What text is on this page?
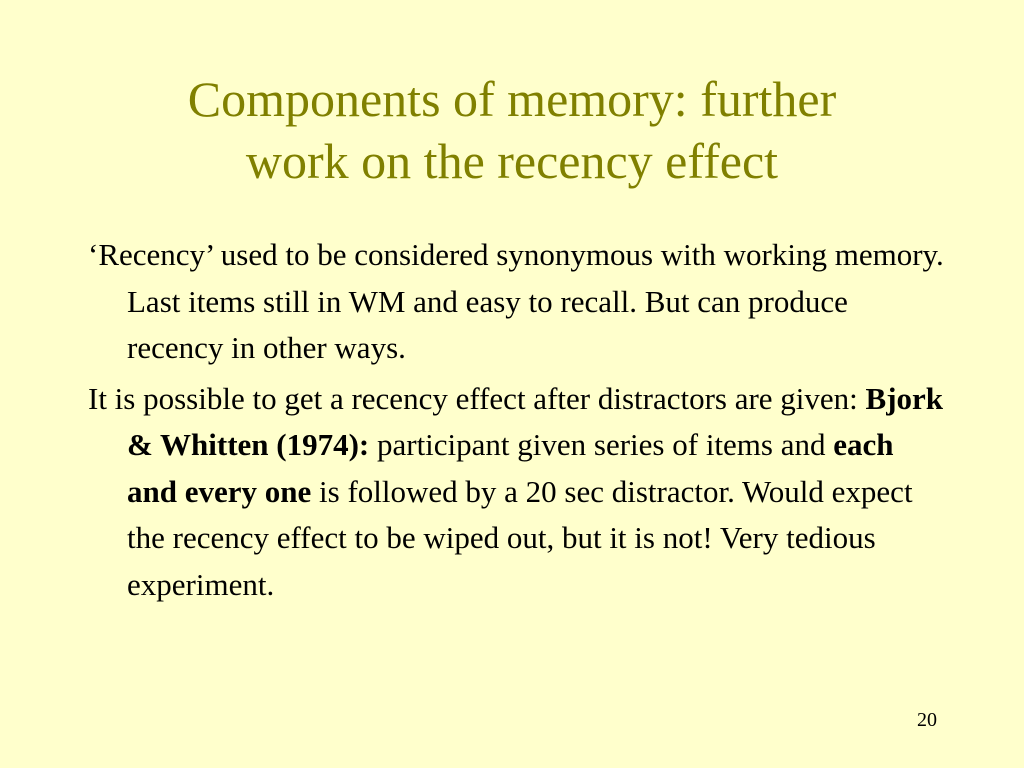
Components of memory: further
work on the recency effect

‘Recency’ used to be considered synonymous with working memory. Last items still in WM and easy to recall. But can produce recency in other ways.

It is possible to get a recency effect after distractors are given: Bjork & Whitten (1974): participant given series of items and each and every one is followed by a 20 sec distractor. Would expect the recency effect to be wiped out, but it is not! Very tedious experiment.

20
